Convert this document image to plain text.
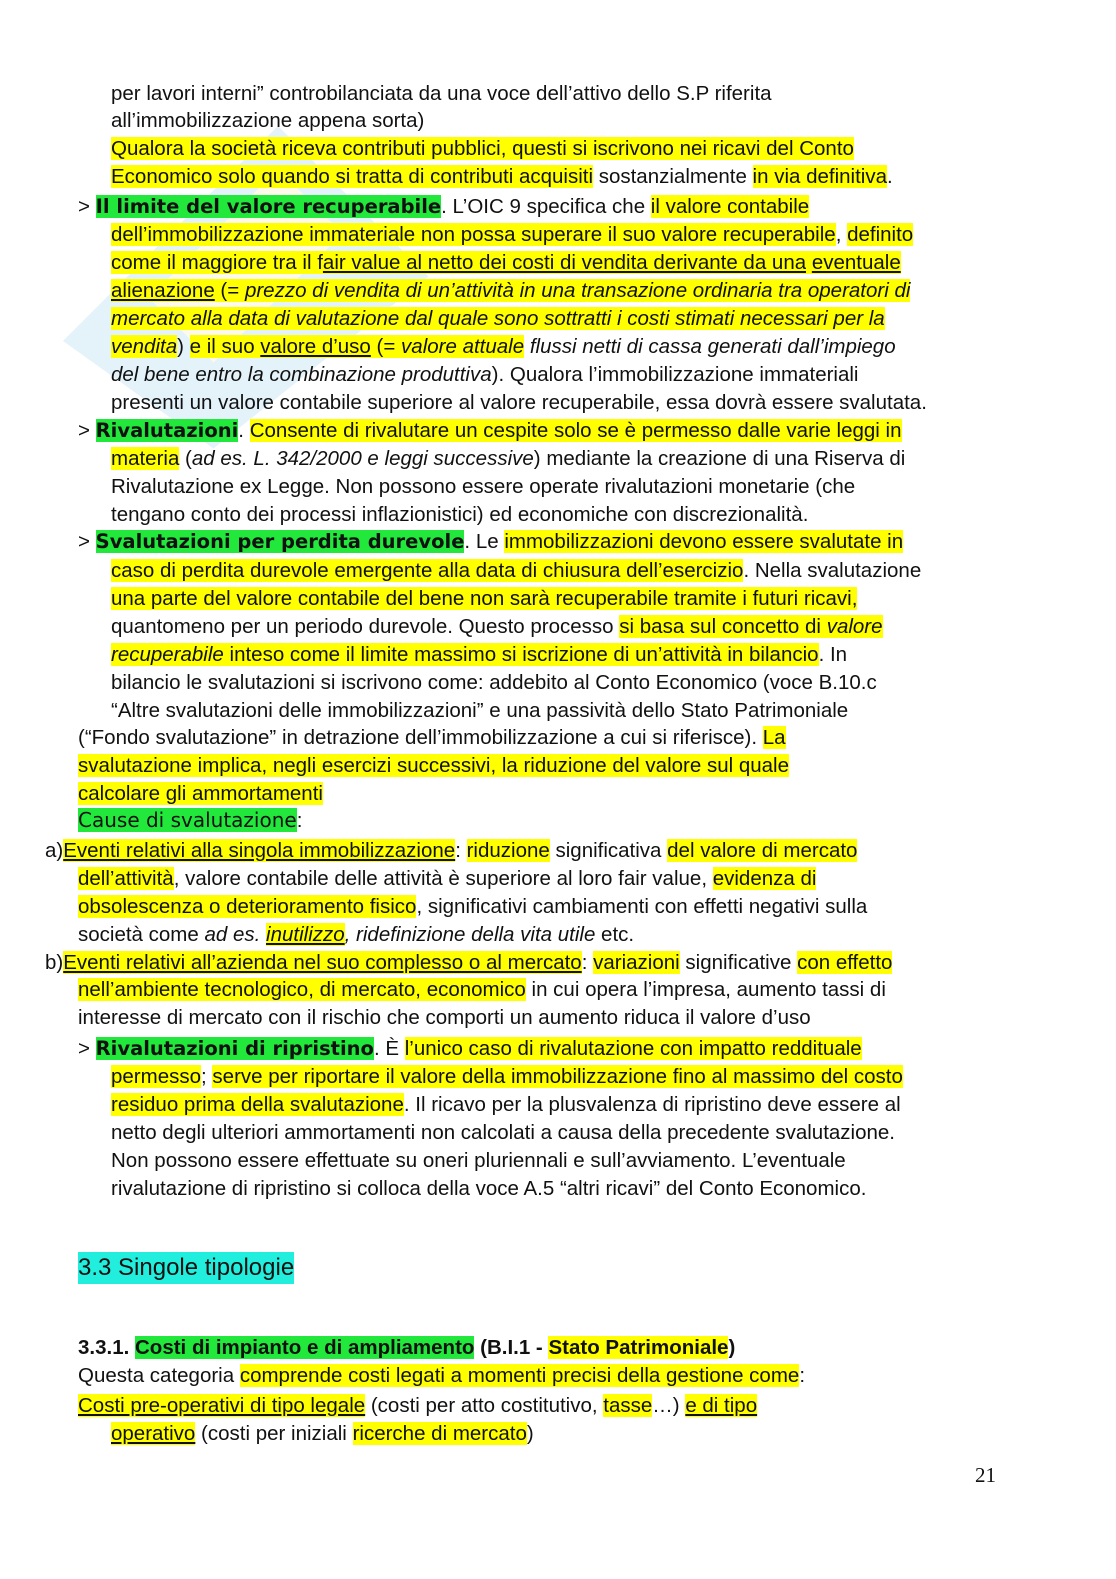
per lavori interni” controbilanciata da una voce dell’attivo dello S.P riferita
all’immobilizzazione appena sorta)
Qualora la società riceva contributi pubblici, questi si iscrivono nei ricavi del Conto
Economico solo quando si tratta di contributi acquisiti sostanzialmente in via definitiva.
> Il limite del valore recuperabile. L’OIC 9 specifica che il valore contabile
dell’immobilizzazione immateriale non possa superare il suo valore recuperabile, definito
come il maggiore tra il fair value al netto dei costi di vendita derivante da una eventuale
alienazione (= prezzo di vendita di un’attività in una transazione ordinaria tra operatori di
mercato alla data di valutazione dal quale sono sottratti i costi stimati necessari per la
vendita) e il suo valore d’uso (= valore attuale flussi netti di cassa generati dall’impiego
del bene entro la combinazione produttiva). Qualora l’immobilizzazione immateriali
presenti un valore contabile superiore al valore recuperabile, essa dovrà essere svalutata.
> Rivalutazioni. Consente di rivalutare un cespite solo se è permesso dalle varie leggi in
materia (ad es. L. 342/2000 e leggi successive) mediante la creazione di una Riserva di
Rivalutazione ex Legge. Non possono essere operate rivalutazioni monetarie (che
tengano conto dei processi inflazionistici) ed economiche con discrezionalità.
> Svalutazioni per perdita durevole. Le immobilizzazioni devono essere svalutate in
caso di perdita durevole emergente alla data di chiusura dell’esercizio. Nella svalutazione
una parte del valore contabile del bene non sarà recuperabile tramite i futuri ricavi,
quantomeno per un periodo durevole. Questo processo si basa sul concetto di valore
recuperabile inteso come il limite massimo si iscrizione di un’attività in bilancio. In
bilancio le svalutazioni si iscrivono come: addebito al Conto Economico (voce B.10.c
“Altre svalutazioni delle immobilizzazioni” e una passività dello Stato Patrimoniale
(“Fondo svalutazione” in detrazione dell’immobilizzazione a cui si riferisce). La
svalutazione implica, negli esercizi successivi, la riduzione del valore sul quale
calcolare gli ammortamenti
Cause di svalutazione:
a)Eventi relativi alla singola immobilizzazione: riduzione significativa del valore di mercato
dell’attività, valore contabile delle attività è superiore al loro fair value, evidenza di
obsolescenza o deterioramento fisico, significativi cambiamenti con effetti negativi sulla
società come ad es. inutilizzo, ridefinizione della vita utile etc.
b)Eventi relativi all’azienda nel suo complesso o al mercato: variazioni significative con effetto
nell’ambiente tecnologico, di mercato, economico in cui opera l’impresa, aumento tassi di
interesse di mercato con il rischio che comporti un aumento riduca il valore d’uso
> Rivalutazioni di ripristino. È l’unico caso di rivalutazione con impatto reddituale
permesso; serve per riportare il valore della immobilizzazione fino al massimo del costo
residuo prima della svalutazione. Il ricavo per la plusvalenza di ripristino deve essere al
netto degli ulteriori ammortamenti non calcolati a causa della precedente svalutazione.
Non possono essere effettuate su oneri pluriennali e sull’avviamento. L’eventuale
rivalutazione di ripristino si colloca della voce A.5 “altri ricavi” del Conto Economico.
3.3.1. Costi di impianto e di ampliamento (B.I.1 - Stato Patrimoniale)
Questa categoria comprende costi legati a momenti precisi della gestione come:
Costi pre-operativi di tipo legale (costi per atto costitutivo, tasse…) e di tipo
operativo (costi per iniziali ricerche di mercato)
3.3 Singole tipologie
21
